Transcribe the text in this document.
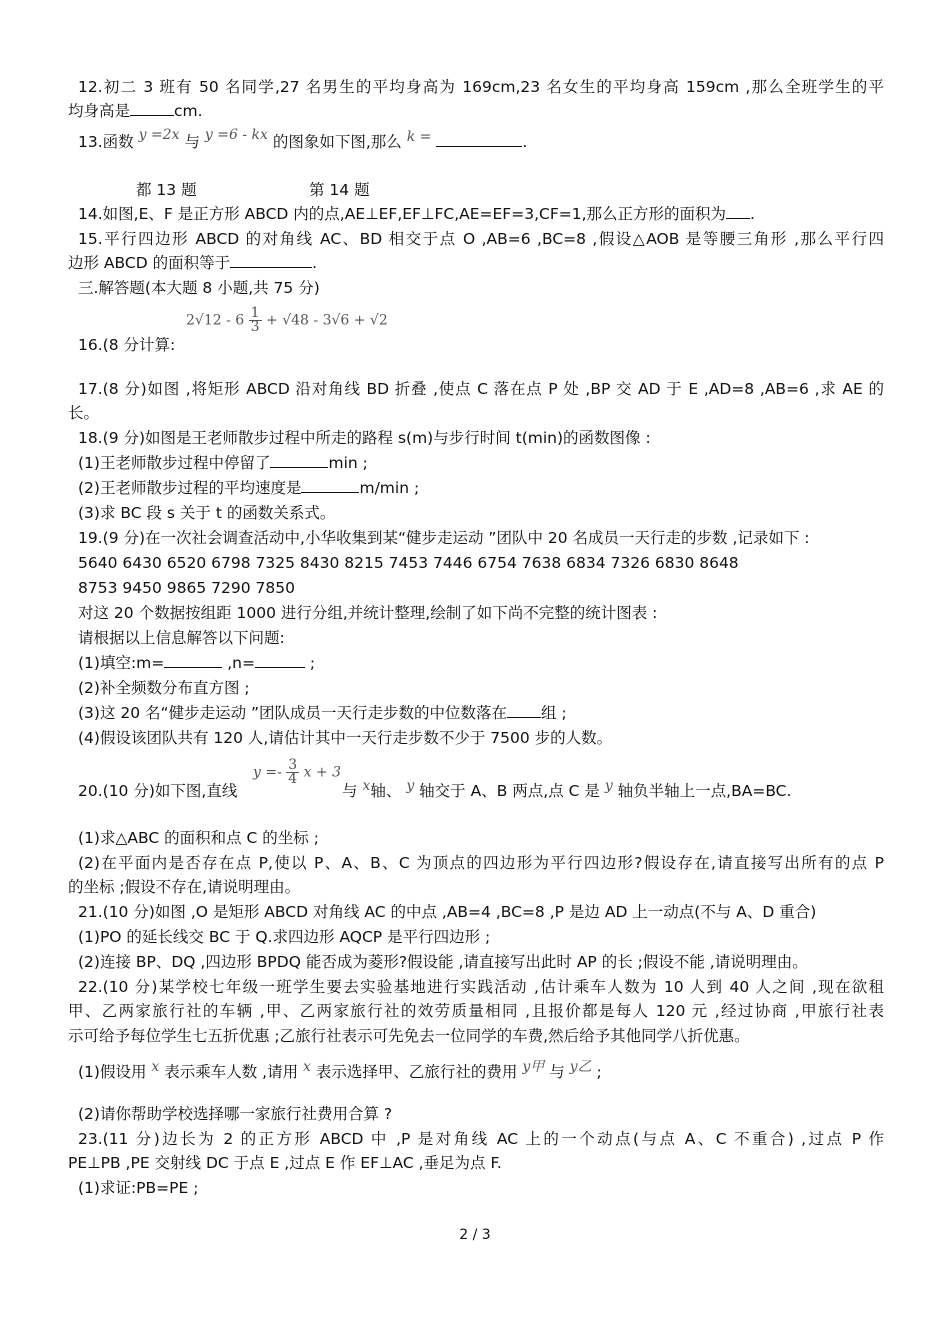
12.初二 3 班有 50 名同学,27 名男生的平均身高为 169cm,23 名女生的平均身高 159cm ,那么全班学生的平
均身高是	cm.
13.函数 y =2x 与 y =6 - kx 的图象如下图,那么 k =	.
都 13 题	第 14 题
14.如图,E、F 是正方形 ABCD 内的点,AE⊥EF,EF⊥FC,AE=EF=3,CF=1,那么正方形的面积为 .
15.平行四边形 ABCD 的对角线 AC、BD 相交于点 O ,AB=6 ,BC=8 ,假设△AOB 是等腰三角形 ,那么平行四
边形 ABCD 的面积等于	.
三.解答题(本大题 8 小题,共 75 分)
$2√12 - 6 \frac{1}{3} + √48 - 3√6 + √2$
16.(8 分计算:
17.(8 分)如图 ,将矩形 ABCD 沿对角线 BD 折叠 ,使点 C 落在点 P 处 ,BP 交 AD 于 E ,AD=8 ,AB=6 ,求 AE 的
长。
18.(9 分)如图是王老师散步过程中所走的路程 s(m)与步行时间 t(min)的函数图像 :
(1)王老师散步过程中停留了	min ;
(2)王老师散步过程的平均速度是	m/min ;
(3)求 BC 段 s 关于 t 的函数关系式。
19.(9 分)在一次社会调查活动中,小华收集到某“健步走运动 ”团队中 20 名成员一天行走的步数 ,记录如下 :
5640 6430 6520 6798 7325 8430 8215 7453 7446 6754 7638 6834 7326 6830 8648
8753 9450 9865 7290 7850
对这 20 个数据按组距 1000 进行分组,并统计整理,绘制了如下尚不完整的统计图表 :
请根据以上信息解答以下问题:
(1)填空:m=	,n=	;
(2)补全频数分布直方图 ;
(3)这 20 名“健步走运动 ”团队成员一天行走步数的中位数落在 组 ;
(4)假设该团队共有 120 人,请估计其中一天行走步数不少于 7500 步的人数。
$y =- \frac{3}{4}$ x + 3
20.(10 分)如下图,直线	与 x轴、 y 轴交于 A、B 两点,点 C 是 y 轴负半轴上一点,BA=BC.
(1)求△ABC 的面积和点 C 的坐标 ;
(2)在平面内是否存在点 P,使以 P、A、B、C 为顶点的四边形为平行四边形?假设存在,请直接写出所有的点 P
的坐标 ;假设不存在,请说明理由。
21.(10 分)如图 ,O 是矩形 ABCD 对角线 AC 的中点 ,AB=4 ,BC=8 ,P 是边 AD 上一动点(不与 A、D 重合)
(1)PO 的延长线交 BC 于 Q.求四边形 AQCP 是平行四边形 ;
(2)连接 BP、DQ ,四边形 BPDQ 能否成为菱形?假设能 ,请直接写出此时 AP 的长 ;假设不能 ,请说明理由。
22.(10 分)某学校七年级一班学生要去实验基地进行实践活动 ,估计乘车人数为 10 人到 40 人之间 ,现在欲租
甲、乙两家旅行社的车辆 ,甲、乙两家旅行社的效劳质量相同 ,且报价都是每人 120 元 ,经过协商 ,甲旅行社表
示可给予每位学生七五折优惠 ;乙旅行社表示可先免去一位同学的车费,然后给予其他同学八折优惠。
(1)假设用 x 表示乘车人数 ,请用 x 表示选择甲、乙旅行社的费用 y甲 与 y乙 ;
(2)请你帮助学校选择哪一家旅行社费用合算 ?
23.(11 分)边长为 2 的正方形 ABCD 中 ,P 是对角线 AC 上的一个动点(与点 A、C 不重合) ,过点 P 作
PE⊥PB ,PE 交射线 DC 于点 E ,过点 E 作 EF⊥AC ,垂足为点 F.
(1)求证:PB=PE ;
2 / 3
